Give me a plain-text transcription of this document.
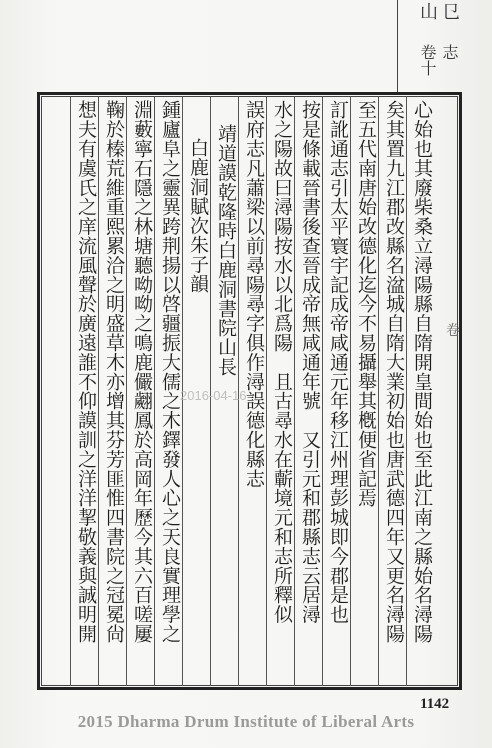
㔾
山
志
卷十
心始也其廢柴桑立潯陽縣自隋開皇間始也至此江南之縣始名潯陽
矣其置九江郡改縣名湓城自隋大業初始也唐武德四年又更名潯陽
至五代南唐始改德化迄今不易攝舉其槪便省記焉
訂訛通志引太平寰宇記成帝咸通元年移江州理彭城即今郡是也
按是條載晉書後查晉成帝無咸通年號　又引元和郡縣志云居潯
水之陽故曰潯陽按水以北爲陽　且古尋水在蘄境元和志所釋似
誤府志凡蕭梁以前尋陽尋字俱作潯誤德化縣志
靖道謨乾隆時白鹿洞書院山長
白鹿洞賦次朱子韻
鍾廬阜之靈異跨荆揚以啓疆振大儒之木鐸發人心之天良實理學之
淵藪寧石隱之林塘聽呦呦之鳴鹿儼翽鳳於高岡年歷今其六百嗟屢
鞠於榛荒維重熙累洽之明盛草木亦增其芬芳匪惟四書院之冠冕尙
想夫有虞氏之庠流風聲於廣遠誰不仰謨訓之洋洋挈敬義與誠明開	2016-04-16
卷
1142
2015 Dharma Drum Institute of Liberal Arts
